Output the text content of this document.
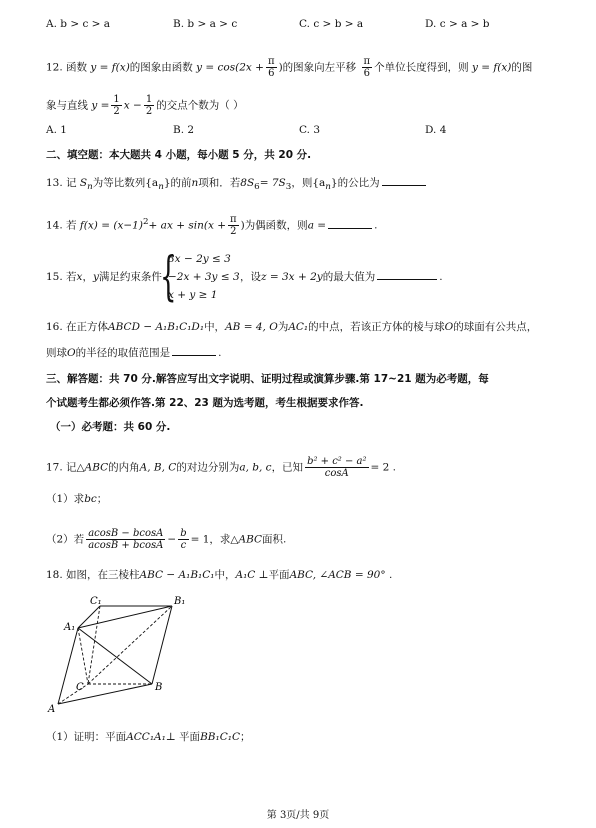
A. b > c > a	B. b > a > c	C. c > b > a	D. c > a > b
12. 函数 y = f(x)的图象由函数 $y = \cos(2x + \frac{\pi}{6}$ )的图象向左平移 $\frac{\pi}{6}$ 个单位长度得到，则 y = f(x)的图
象与直线 $y = \frac{1}{2}$ $x - \frac{1}{2}$ 的交点个数为（ ）
A. 1	B. 2	C. 3	D. 4
二、填空题：本大题共 4 小题，每小题 5 分，共 20 分.
13. 记 $S_n$为等比数列$\{a_n\}$的前n项和．若$8S_6= 7S_3$，则$\{a_n\}$的公比为
14. 若 $f(x) = (x-1)^2+$ ax + $\sin(x + \frac{\pi}{2}$ )为偶函数，则a =	.
15. 若x，y满足约束条件
{
3x − 2y ≤ 3
−2x + 3y ≤ 3
x + y ≥ 1
，设z = 3x + 2y的最大值为	.
16. 在正方体ABCD − A₁B₁C₁D₁中，AB = 4, O为AC₁的中点，若该正方体的棱与球O的球面有公共点，
则球O的半径的取值范围是	.
三、解答题：共 70 分.解答应写出文字说明、证明过程或演算步骤.第 17~21 题为必考题，每
个试题考生都必须作答.第 22、23 题为选考题，考生根据要求作答.
（一）必考题：共 60 分.
17. 记△ABC的内角A, B, C的对边分别为a, b, c，已知 $\frac{\text{b² + c² − a²}}{\cos A} = 2$ .
（1）求bc；
（2）若 $\frac{acosB - bcosA}{acosB + bcosA} - \frac{b}{c} = 1$，求△ABC面积.
18. 如图，在三棱柱ABC − A₁B₁C₁中，A₁C ⊥平面ABC, ∠ACB = 90° .
C₁	B₁
A₁
C	B
A
（1）证明：平面ACC₁A₁⊥ 平面BB₁C₁C；
第 3页/共 9页
